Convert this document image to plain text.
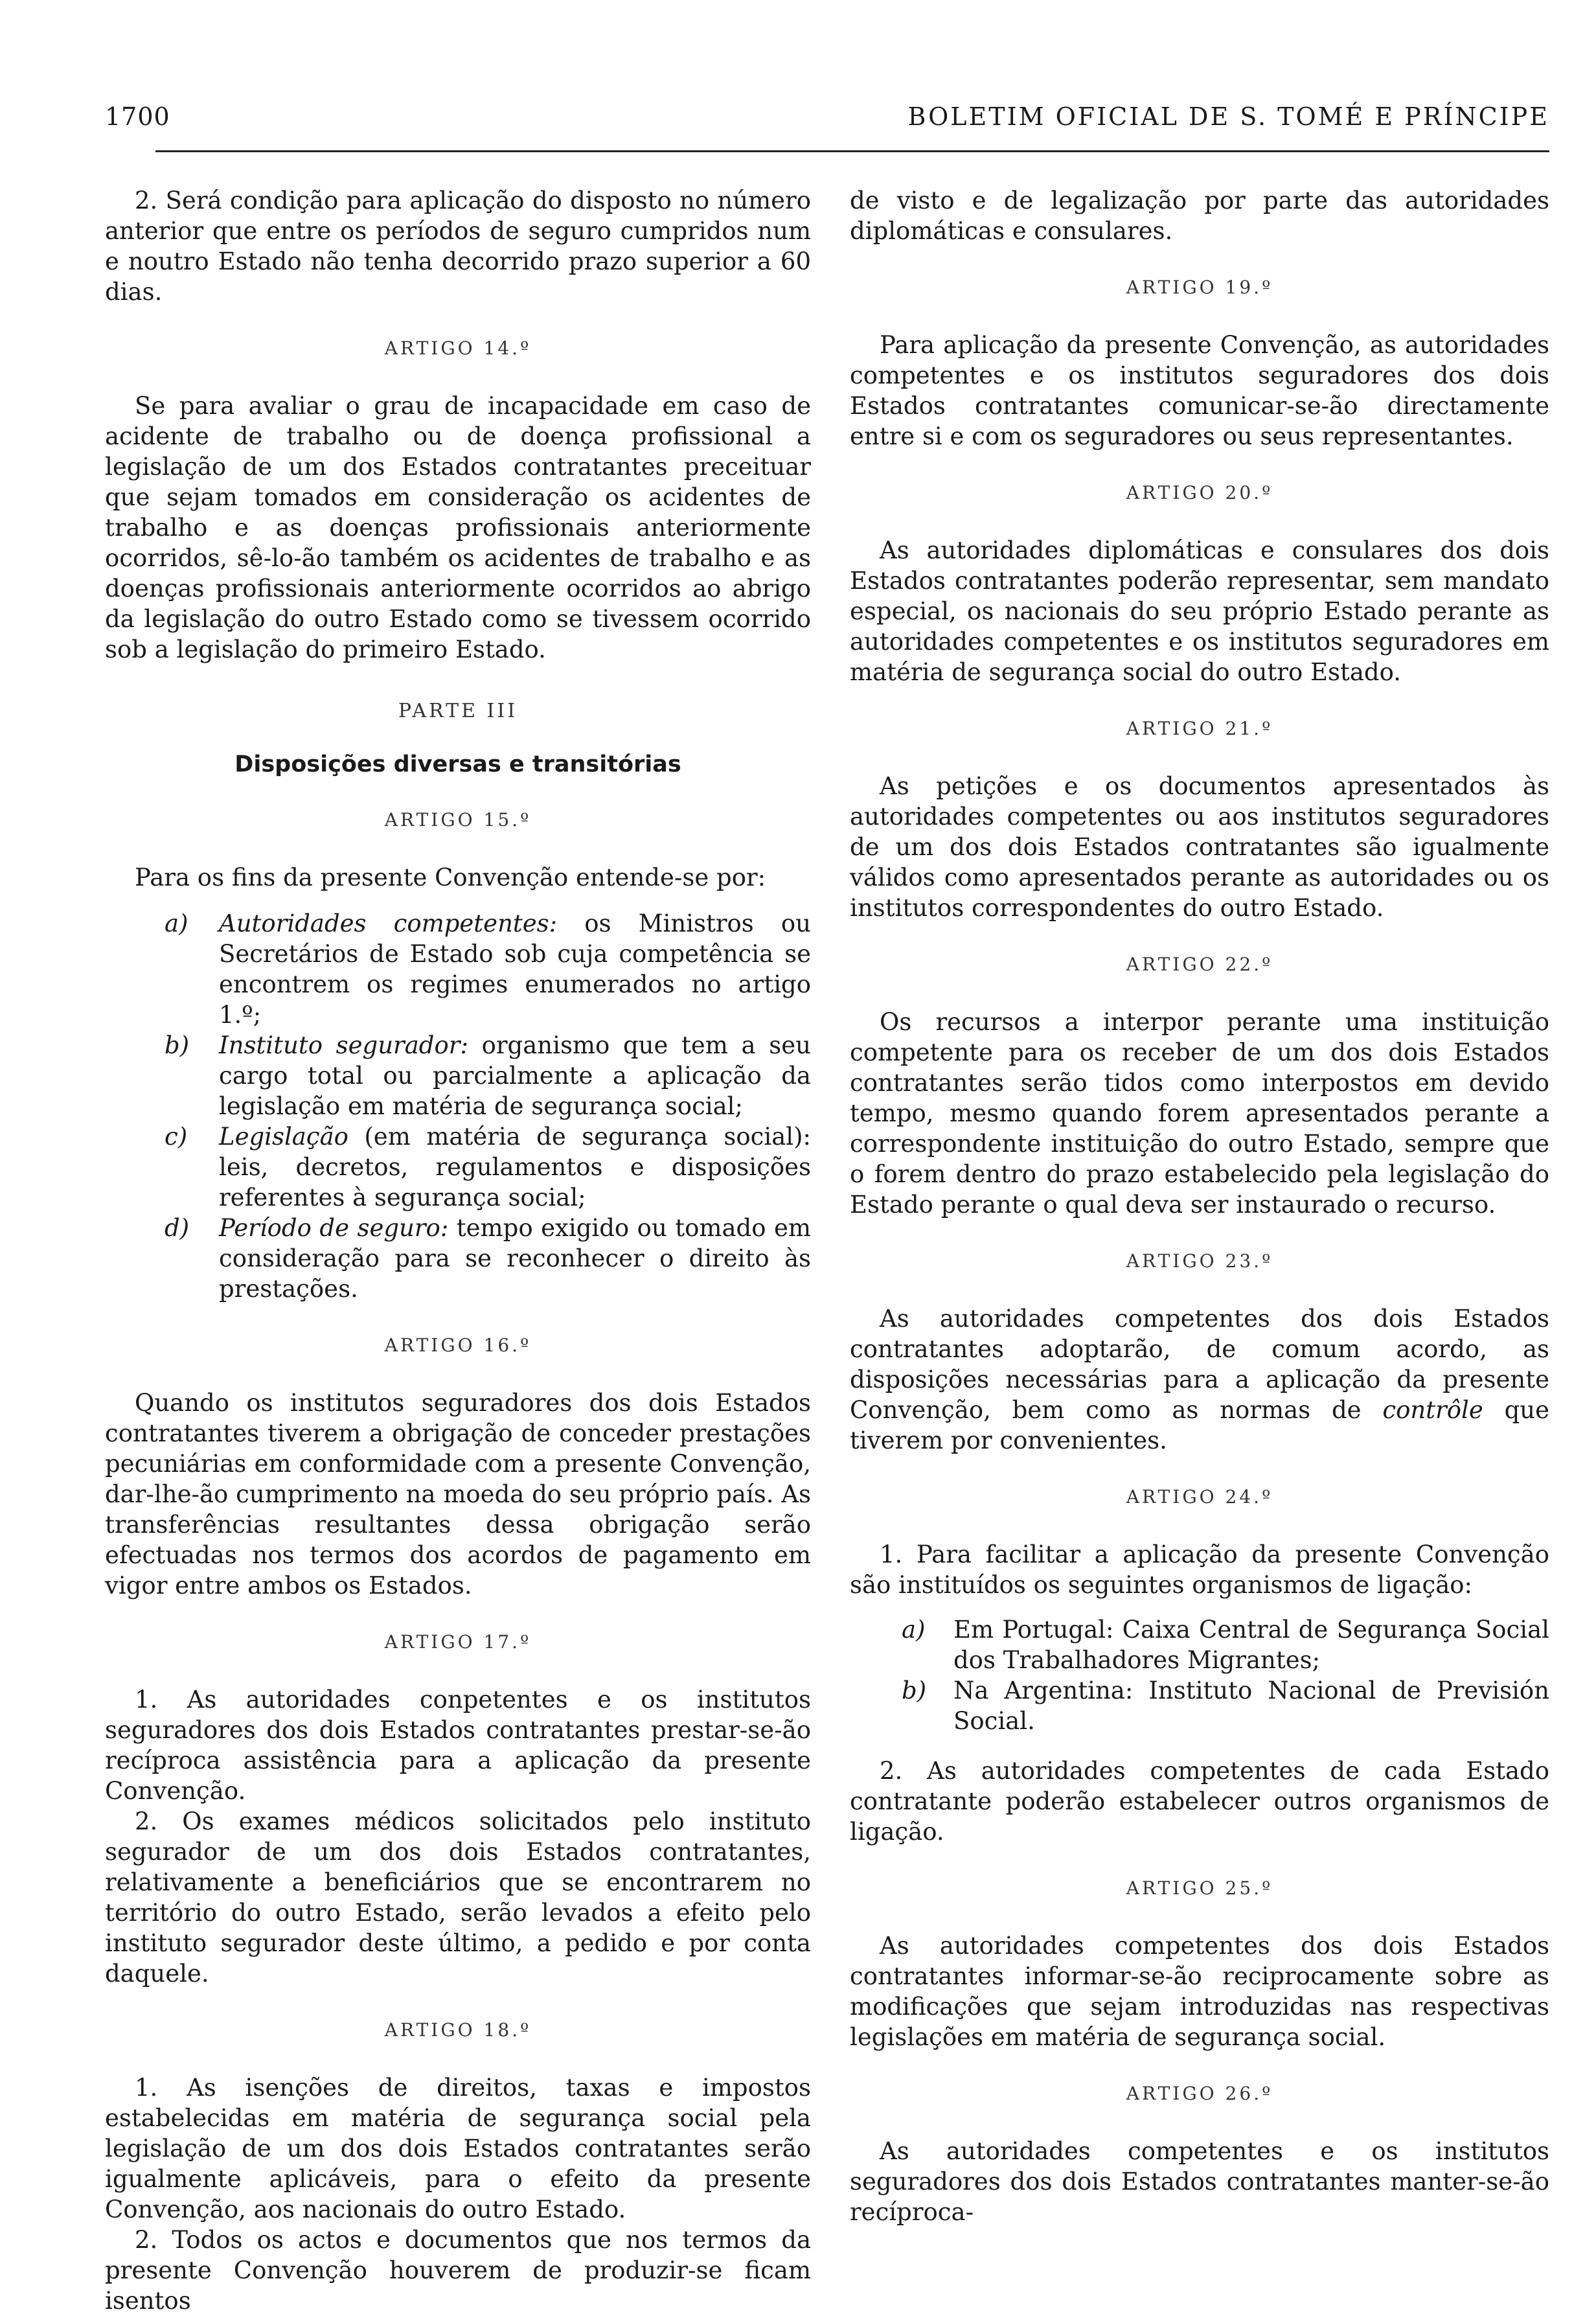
1700	BOLETIM OFICIAL DE S. TOMÉ E PRÍNCIPE

2. Será condição para aplicação do disposto no número anterior que entre os períodos de seguro cumpridos num e noutro Estado não tenha decorrido prazo superior a 60 dias.

ARTIGO 14.º

Se para avaliar o grau de incapacidade em caso de acidente de trabalho ou de doença profissional a legislação de um dos Estados contratantes preceituar que sejam tomados em consideração os acidentes de trabalho e as doenças profissionais anteriormente ocorridos, sê-lo-ão também os acidentes de trabalho e as doenças profissionais anteriormente ocorridos ao abrigo da legislação do outro Estado como se tivessem ocorrido sob a legislação do primeiro Estado.

PARTE III
Disposições diversas e transitórias
ARTIGO 15.º

Para os fins da presente Convenção entende-se por:

a) Autoridades competentes: os Ministros ou Secretários de Estado sob cuja competência se encontrem os regimes enumerados no artigo 1.º;
b) Instituto segurador: organismo que tem a seu cargo total ou parcialmente a aplicação da legislação em matéria de segurança social;
c) Legislação (em matéria de segurança social): leis, decretos, regulamentos e disposições referentes à segurança social;
d) Período de seguro: tempo exigido ou tomado em consideração para se reconhecer o direito às prestações.
ARTIGO 16.º

Quando os institutos seguradores dos dois Estados contratantes tiverem a obrigação de conceder prestações pecuniárias em conformidade com a presente Convenção, dar-lhe-ão cumprimento na moeda do seu próprio país. As transferências resultantes dessa obrigação serão efectuadas nos termos dos acordos de pagamento em vigor entre ambos os Estados.

ARTIGO 17.º

1. As autoridades conpetentes e os institutos seguradores dos dois Estados contratantes prestar-se-ão recíproca assistência para a aplicação da presente Convenção.

2. Os exames médicos solicitados pelo instituto segurador de um dos dois Estados contratantes, relativamente a beneficiários que se encontrarem no território do outro Estado, serão levados a efeito pelo instituto segurador deste último, a pedido e por conta daquele.

ARTIGO 18.º

1. As isenções de direitos, taxas e impostos estabelecidas em matéria de segurança social pela legislação de um dos dois Estados contratantes serão igualmente aplicáveis, para o efeito da presente Convenção, aos nacionais do outro Estado.

2. Todos os actos e documentos que nos termos da presente Convenção houverem de produzir-se ficam isentos

de visto e de legalização por parte das autoridades diplomáticas e consulares.

ARTIGO 19.º

Para aplicação da presente Convenção, as autoridades competentes e os institutos seguradores dos dois Estados contratantes comunicar-se-ão directamente entre si e com os seguradores ou seus representantes.

ARTIGO 20.º

As autoridades diplomáticas e consulares dos dois Estados contratantes poderão representar, sem mandato especial, os nacionais do seu próprio Estado perante as autoridades competentes e os institutos seguradores em matéria de segurança social do outro Estado.

ARTIGO 21.º

As petições e os documentos apresentados às autoridades competentes ou aos institutos seguradores de um dos dois Estados contratantes são igualmente válidos como apresentados perante as autoridades ou os institutos correspondentes do outro Estado.

ARTIGO 22.º

Os recursos a interpor perante uma instituição competente para os receber de um dos dois Estados contratantes serão tidos como interpostos em devido tempo, mesmo quando forem apresentados perante a correspondente instituição do outro Estado, sempre que o forem dentro do prazo estabelecido pela legislação do Estado perante o qual deva ser instaurado o recurso.

ARTIGO 23.º

As autoridades competentes dos dois Estados contratantes adoptarão, de comum acordo, as disposições necessárias para a aplicação da presente Convenção, bem como as normas de contrôle que tiverem por convenientes.

ARTIGO 24.º

1. Para facilitar a aplicação da presente Convenção são instituídos os seguintes organismos de ligação:

a) Em Portugal: Caixa Central de Segurança Social dos Trabalhadores Migrantes;
b) Na Argentina: Instituto Nacional de Previsión Social.

2. As autoridades competentes de cada Estado contratante poderão estabelecer outros organismos de ligação.

ARTIGO 25.º

As autoridades competentes dos dois Estados contratantes informar-se-ão reciprocamente sobre as modificações que sejam introduzidas nas respectivas legislações em matéria de segurança social.

ARTIGO 26.º

As autoridades competentes e os institutos seguradores dos dois Estados contratantes manter-se-ão recíproca-
